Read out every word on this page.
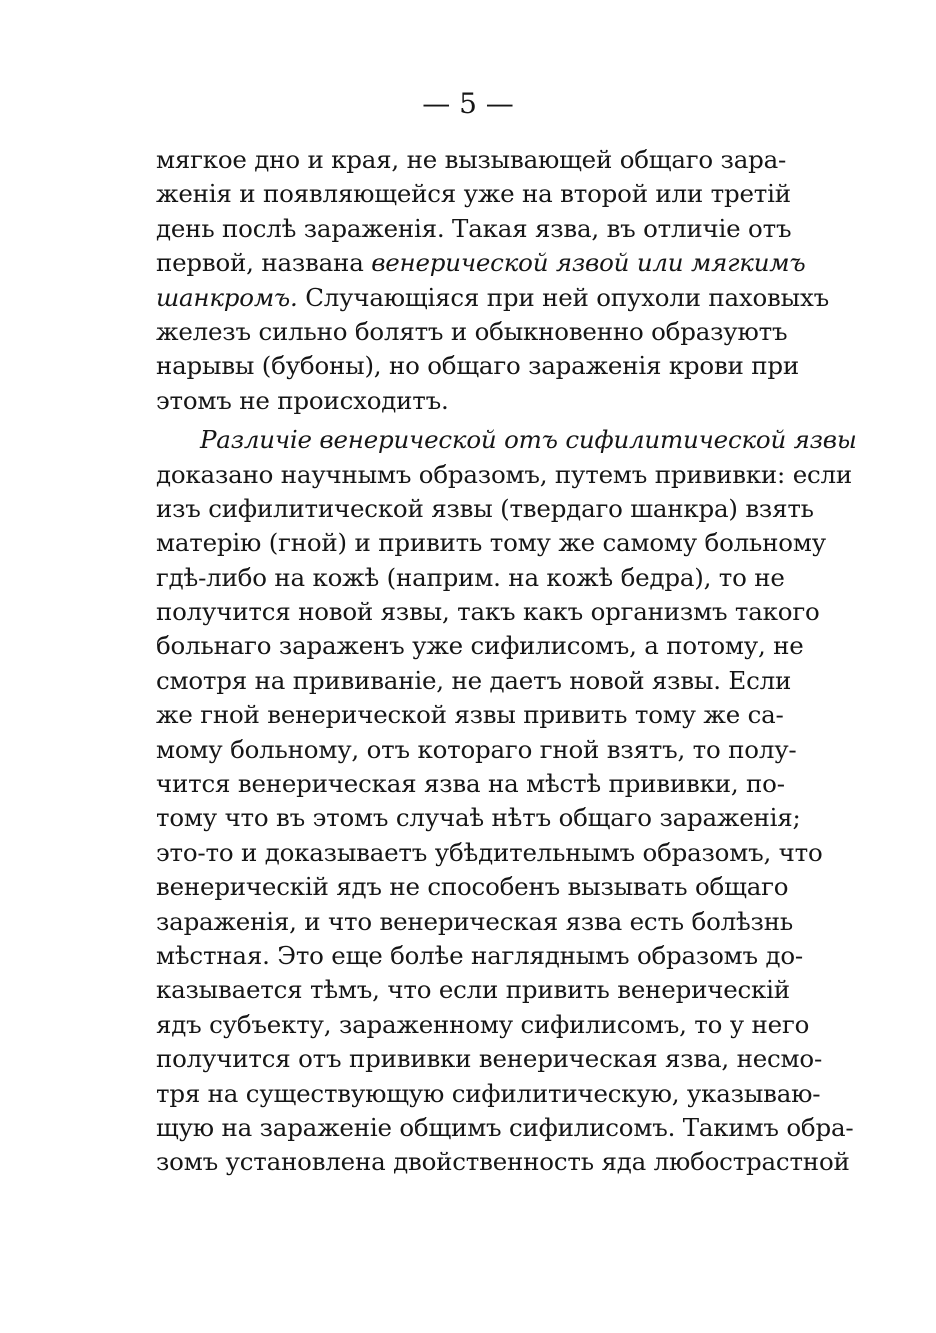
— 5 —
мягкое дно и края, не вызывающей общаго зара-
женія и появляющейся уже на второй или третій
день послѣ зараженія. Такая язва, въ отличіе отъ
первой, названа венерической язвой или мягкимъ
шанкромъ. Случающіяся при ней опухоли паховыхъ
железъ сильно болятъ и обыкновенно образуютъ
нарывы (бубоны), но общаго зараженія крови при
этомъ не происходитъ.
Различіе венерической отъ сифилитической язвы
доказано научнымъ образомъ, путемъ прививки: если
изъ сифилитической язвы (твердаго шанкра) взять
матерію (гной) и привить тому же самому больному
гдѣ-либо на кожѣ (наприм. на кожѣ бедра), то не
получится новой язвы, такъ какъ организмъ такого
больнаго зараженъ уже сифилисомъ, а потому, не
смотря на прививаніе, не даетъ новой язвы. Если
же гной венерической язвы привить тому же са-
мому больному, отъ котораго гной взятъ, то полу-
чится венерическая язва на мѣстѣ прививки, по-
тому что въ этомъ случаѣ нѣтъ общаго зараженія;
это-то и доказываетъ убѣдительнымъ образомъ, что
венерическій ядъ не способенъ вызывать общаго
зараженія, и что венерическая язва есть болѣзнь
мѣстная. Это еще болѣе нагляднымъ образомъ до-
казывается тѣмъ, что если привить венерическій
ядъ субъекту, зараженному сифилисомъ, то у него
получится отъ прививки венерическая язва, несмо-
тря на существующую сифилитическую, указываю-
щую на зараженіе общимъ сифилисомъ. Такимъ обра-
зомъ установлена двойственность яда любострастной
